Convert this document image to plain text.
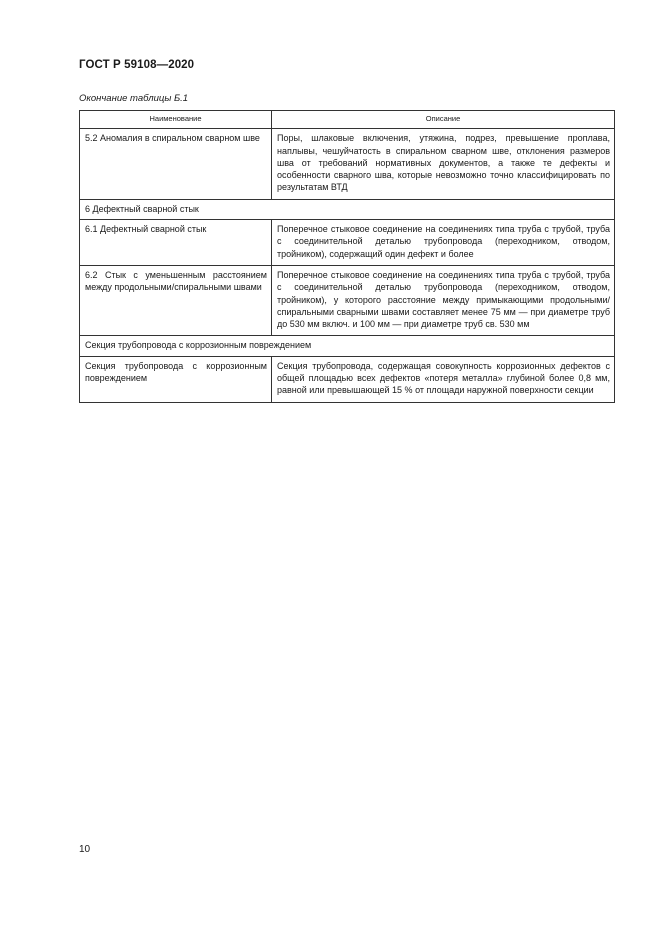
ГОСТ Р 59108—2020
Окончание таблицы Б.1
Наименование	Описание
5.2 Аномалия в спиральном сварном шве	Поры, шлаковые включения, утяжина, подрез, превышение проплава, наплывы, чешуйчатость в спиральном сварном шве, отклонения размеров шва от требований нормативных документов, а также те дефекты и особенности сварного шва, которые невозможно точно классифицировать по результатам ВТД
6 Дефектный сварной стык	
6.1 Дефектный сварной стык	Поперечное стыковое соединение на соединениях типа труба с трубой, труба с соединительной деталью трубопровода (переходником, отводом, тройником), содержащий один дефект и более
6.2 Стык с уменьшенным расстоянием между продольными/спиральными швами	Поперечное стыковое соединение на соединениях типа труба с трубой, труба с соединительной деталью трубопровода (переходником, отводом, тройником), у которого расстояние между примыкающими продольными/спиральными сварными швами составляет менее 75 мм — при диаметре труб до 530 мм включ. и 100 мм — при диаметре труб св. 530 мм
Секция трубопровода с коррозионным повреждением	
Секция трубопровода с коррозионным повреждением	Секция трубопровода, содержащая совокупность коррозионных дефектов с общей площадью всех дефектов «потеря металла» глубиной более 0,8 мм, равной или превышающей 15 % от площади наружной поверхности секции
10
